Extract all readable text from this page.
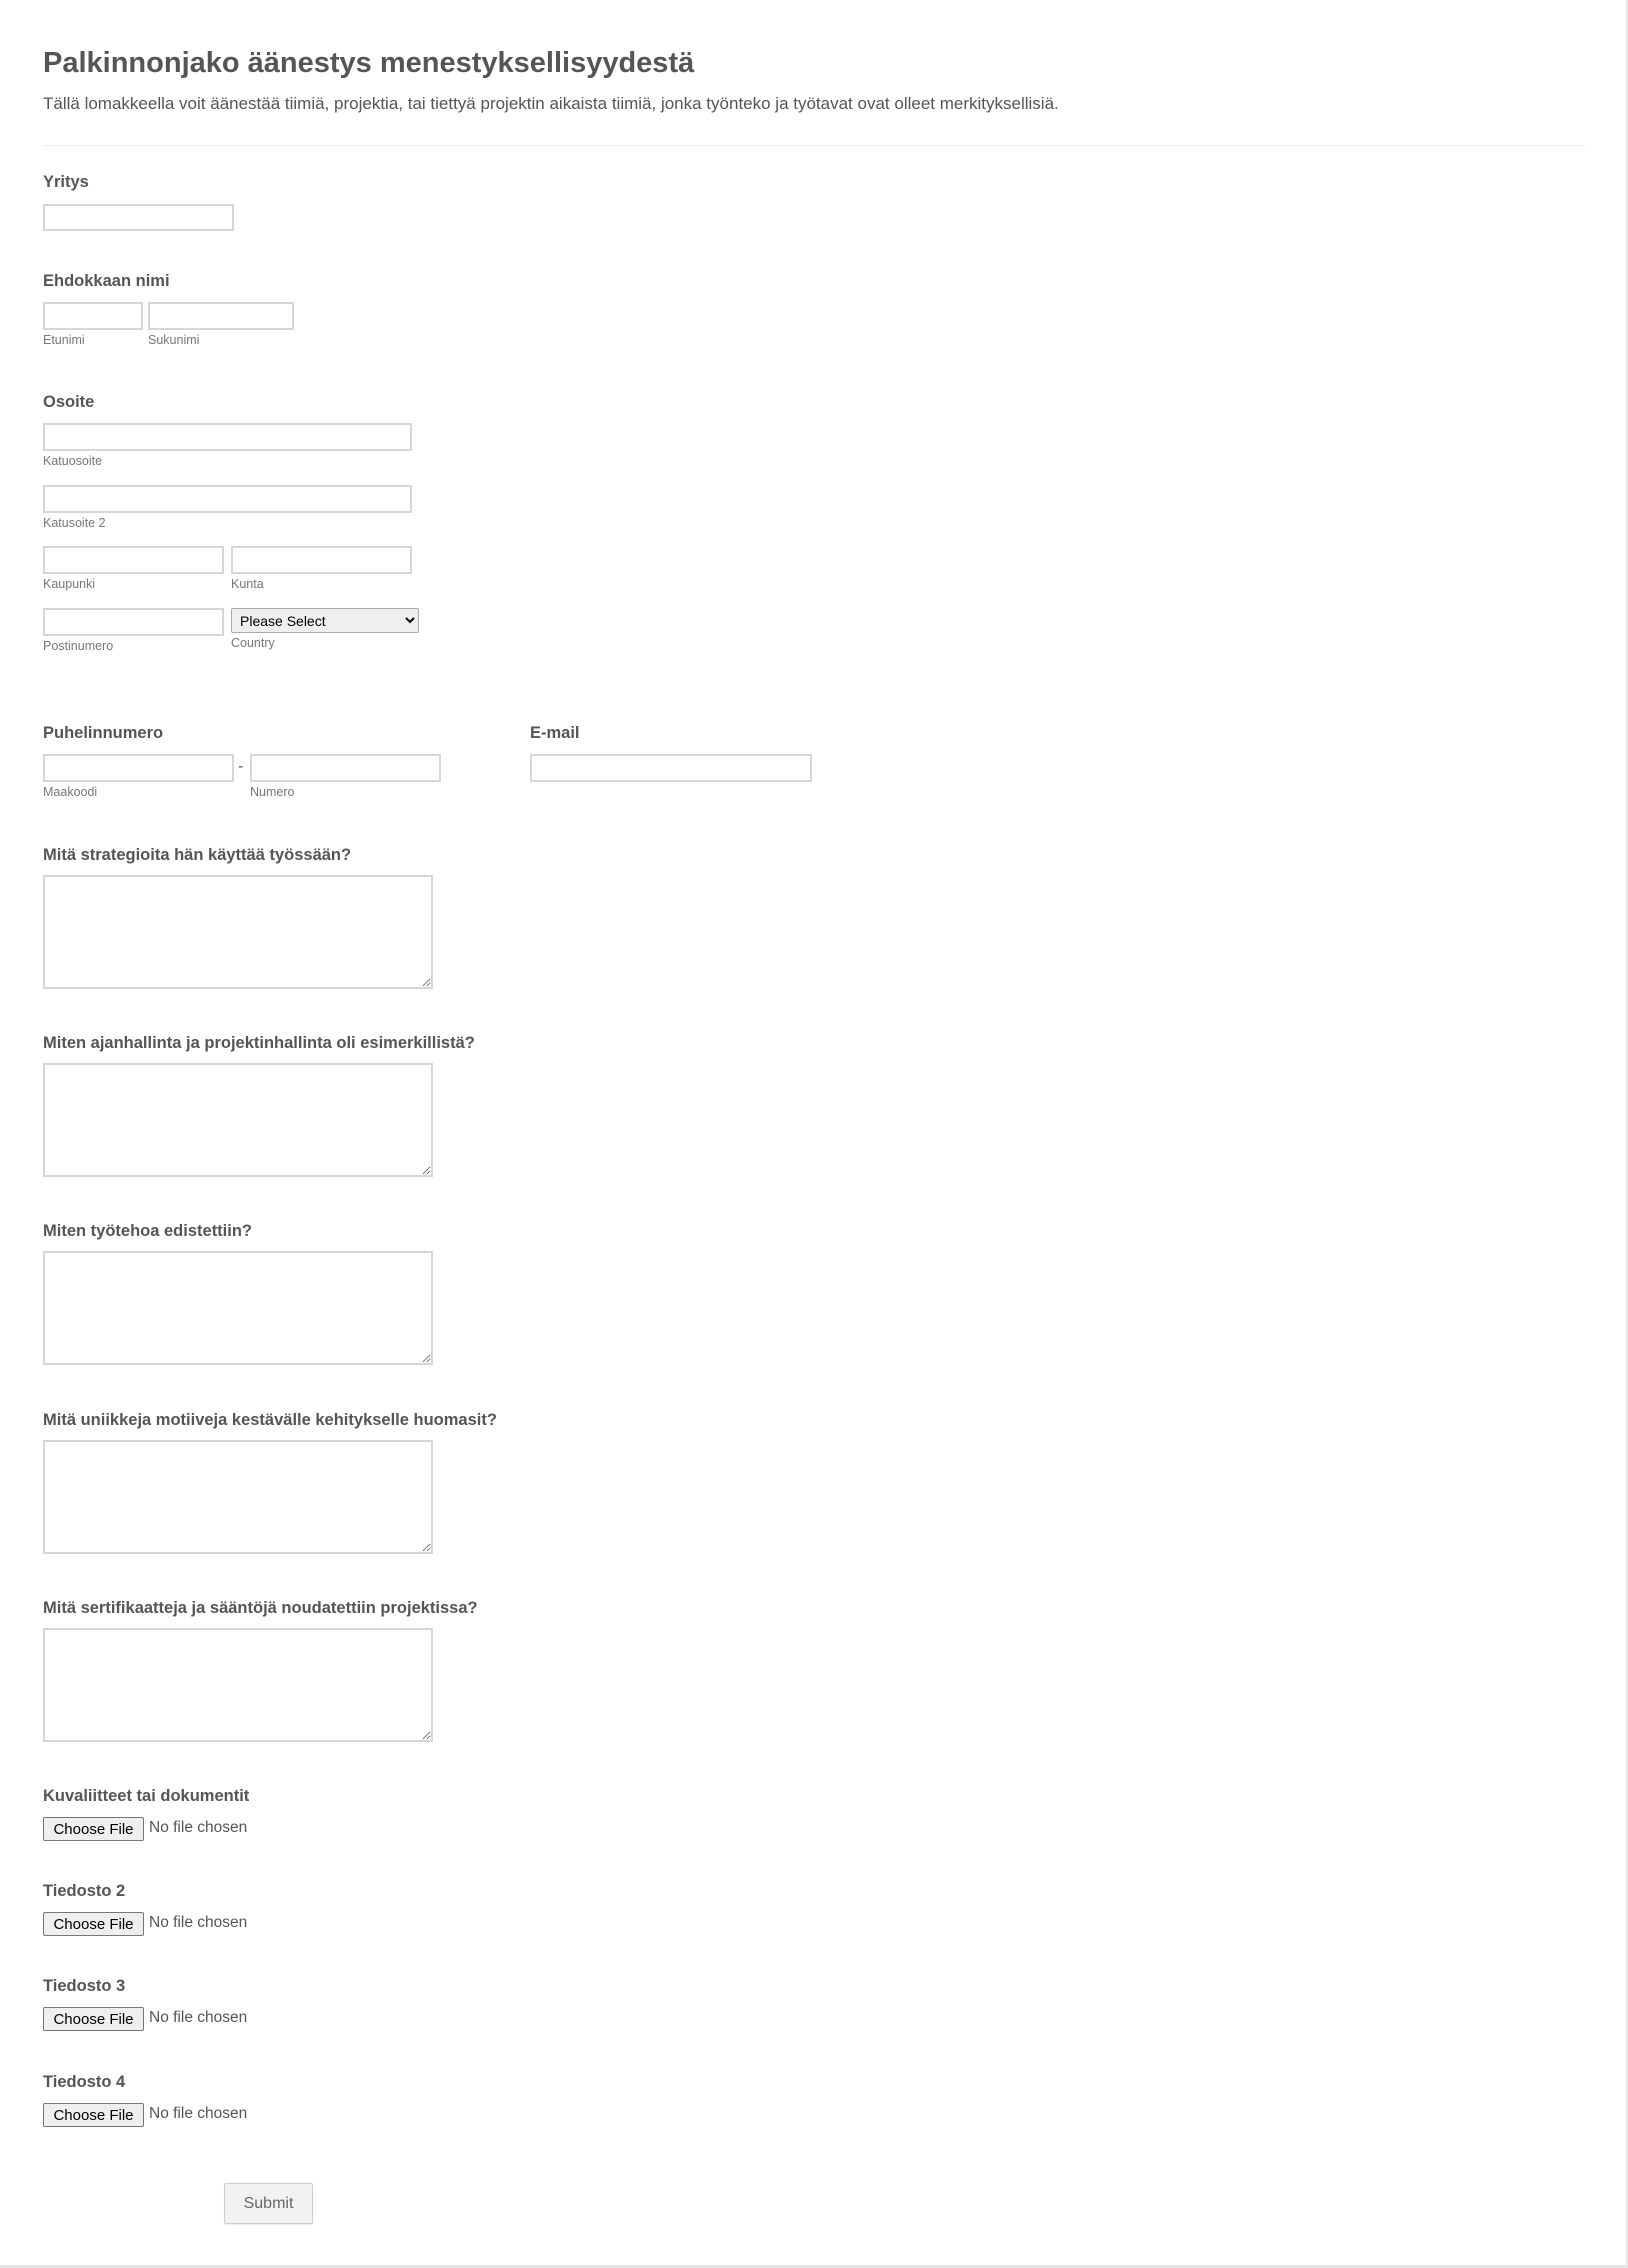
Palkinnonjako äänestys menestyksellisyydestä
Tällä lomakkeella voit äänestää tiimiä, projektia, tai tiettyä projektin aikaista tiimiä, jonka työnteko ja työtavat ovat olleet merkityksellisiä.
Yritys
Ehdokkaan nimi
Etunimi	Sukunimi
Osoite
Katuosoite
Katusoite 2
Kaupunki	Kunta
Please Select
Postinumero	Country
Puhelinnumero
-
Maakoodi	Numero
E-mail
Mitä strategioita hän käyttää työssään?
Miten ajanhallinta ja projektinhallinta oli esimerkillistä?
Miten työtehoa edistettiin?
Mitä uniikkeja motiiveja kestävälle kehitykselle huomasit?
Mitä sertifikaatteja ja sääntöjä noudatettiin projektissa?
Kuvaliitteet tai dokumentit
Choose File No file chosen
Tiedosto 2
Choose File No file chosen
Tiedosto 3
Choose File No file chosen
Tiedosto 4
Choose File No file chosen
Submit
